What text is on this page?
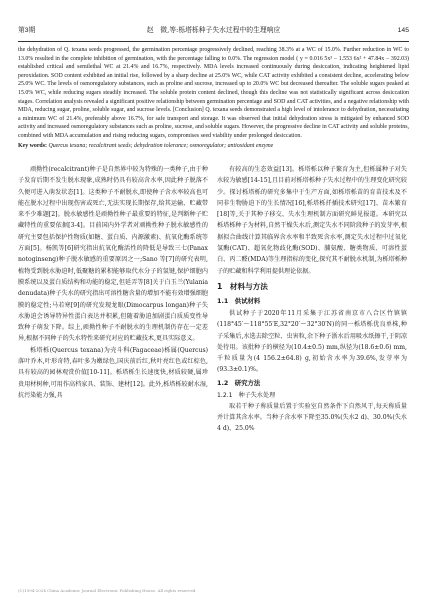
第3期	赵　微,等:栎塔栎种子失水过程中的生理响应	145

the dehydration of Q. texana seeds progressed, the germination percentage progressively declined, reaching 38.3% at a WC of 15.0%. Further reduction in WC to 13.0% resulted in the complete inhibition of germination, with the percentage falling to 0.0%. The regression model ( y = 0.016 5x³ − 1.553 6x² + 47.84x − 392.03) established critical and semilethal WC at 21.4% and 16.7%, respectively. MDA levels increased continuously during desiccation, indicating heightened lipid peroxidation. SOD content exhibited an initial rise, followed by a sharp decline at 25.0% WC, while CAT activity exhibited a consistent decline, accelerating below 25.0% WC. The levels of osmoregulatory substances, such as proline and sucrose, increased up to 20.0% WC but decreased thereafter. The soluble sugars peaked at 15.0% WC, while reducing sugars steadily increased. The soluble protein content declined, though this decline was not statistically significant across desiccation stages. Correlation analysis revealed a significant positive relationship between germination percentage and SOD and CAT activities, and a negative relationship with MDA, reducing sugar, proline, soluble sugar, and sucrose levels. [Conclusion] Q. texana seeds demonstrated a high level of intolerance to dehydration, necessitating a minimum WC of 21.4%, preferably above 16.7%, for safe transport and storage. It was observed that initial dehydration stress is mitigated by enhanced SOD activity and increased osmoregulatory substances such as proline, sucrose, and soluble sugars. However, the progressive decline in CAT activity and soluble proteins, combined with MDA accumulation and rising reducing sugars, compromises seed viability under prolonged desiccation.

Key words: Quercus texana; recalcitrant seeds; dehydration tolerance; osmoregulator; antioxidant enzyme

顽拗性(recalcitrant)种子是自然界中较为特殊的一类种子,由于种子发育后期不发生脱水现象,成熟时仍具有较高含水率,因此种子脱落不久便可进入萌发状态[1]。这类种子不耐脱水,即使种子含水率较高也可能在脱水过程中出现伤害或死亡,无法实现长期保存,给其运输、贮藏带来不少难题[2]。脱水敏感性是顽拗性种子最重要的特征,是判断种子贮藏特性的重要依据[3-4]。目前国内外学者对顽拗性种子脱水敏感性的研究主要包括保护性物质(如糖、蛋白质、内源激素)、抗氧化酶系统等方面[5]。杨凯等[6]研究指出抗氧化酶活性的降低是导致三七(Panax notoginseng)种子脱水敏感的重要原因之一;Sano 等[7]的研究表明,植物受到脱水胁迫时,低聚糖的累积能够取代水分子的氢键,保护细胞内膜系统以及蛋白质结构和功能的稳定,但延弄等[8]关于白玉兰(Yulania denudata)种子失水的研究指出可溶性糖含量的增加不能有效增强细胞膜的稳定性;马若寒[9]的研究发现龙眼(Dimocarpus longan)种子失水胁迫会诱导特异性蛋白表达并积累,但随着胁迫加剧蛋白质质变性导致种子萌发下降。综上,顽拗性种子不耐脱水的生理机制仍存在一定差异,根据不同种子的失水特性来研究对应的贮藏技术,更具实际意义。

栎塔栎(Quercus texana)为壳斗科(Fagaceae)栎属(Quercus)落叶乔木,叶形奇特,春叶多为嫩绿色,国庆前后红,秋叶亮红色或红棕色,具有较高的园林观赏价值[10-11]。栎塔栎生长速度快,材质较硬,属珍贵用材树种,可用作高档家具、装饰、建材[12]。此外,栎塔栎较耐水湿,抗污染能力强,具

有较高的生态效益[13]。栎塔栎以种子繁育为主,但栎属种子对失水较为敏感[14-15],且目前对栎塔栎种子失水过程中的生理变化研究较少。探讨栎塔栎的研究多集中于生产方面,如栎塔栎苗的育苗技术及不同非生物胁迫下的生长情况[16],栎塔栎扦插技术研究[17]、苗木繁育[18]等,关于其种子移交、失水生理机制方面研究鲜见报道。本研究以栎塔栎种子为材料,自然干燥失水后,测定失水不同阶段种子的发芽率,根据拟合曲线计算其临界含水率和半致死含水率,测定失水过程中过氧化氢酶(CAT)、超氧化物歧化酶(SOD)、脯氨酸、糖类物质、可溶性蛋白、丙二醛(MDA)等生理指标的变化,探究其不耐脱水机制,为栎塔栎种子的贮藏和科学利用提供理论依据。

1　材料与方法
1.1　供试材料

供试种子于2020年11月采集于江苏省南京市八合区竹镇镇(118°45′～118°55′E,32°20′～32°30′N)的同一栎塔栎优良单株,种子采集后,水选去除空粒、虫害粒,余下种子浙水后用吸水纸擦干,于阴凉处待用。该批种子的横径为(10.4±0.5) mm,纵径为(18.6±0.6) mm,千粒质量为(4 156.2±64.8) g,初始含水率为39.6%,发芽率为(93.3±0.1)%。

1.2　研究方法
1.2.1　种子失水处理

取若干种子称质量后置于实验室自然条件下自然风干,每天称质量并计算其含水率。当种子含水率下降至35.0%(失水2 d)、30.0%(失水4 d)、25.0%

(C)1994-2024 China Academic Journal Electronic Publishing House. All rights reserved.
